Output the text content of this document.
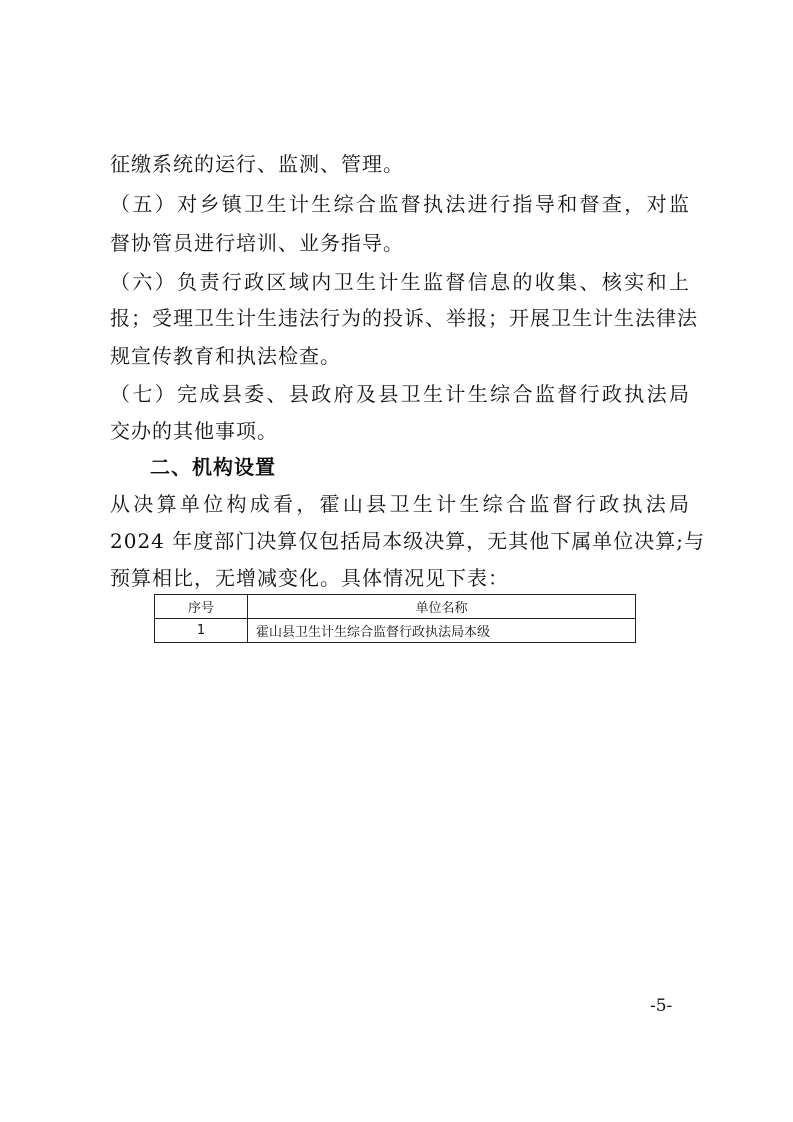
征缴系统的运行、监测、管理。
（五）对乡镇卫生计生综合监督执法进行指导和督查，对监
督协管员进行培训、业务指导。
（六）负责行政区域内卫生计生监督信息的收集、核实和上
报；受理卫生计生违法行为的投诉、举报；开展卫生计生法律法
规宣传教育和执法检查。
（七）完成县委、县政府及县卫生计生综合监督行政执法局
交办的其他事项。
二、机构设置
从决算单位构成看，霍山县卫生计生综合监督行政执法局
2024 年度部门决算仅包括局本级决算，无其他下属单位决算;与
预算相比，无增减变化。具体情况见下表：
序号	单位名称
1	霍山县卫生计生综合监督行政执法局本级
-5-
